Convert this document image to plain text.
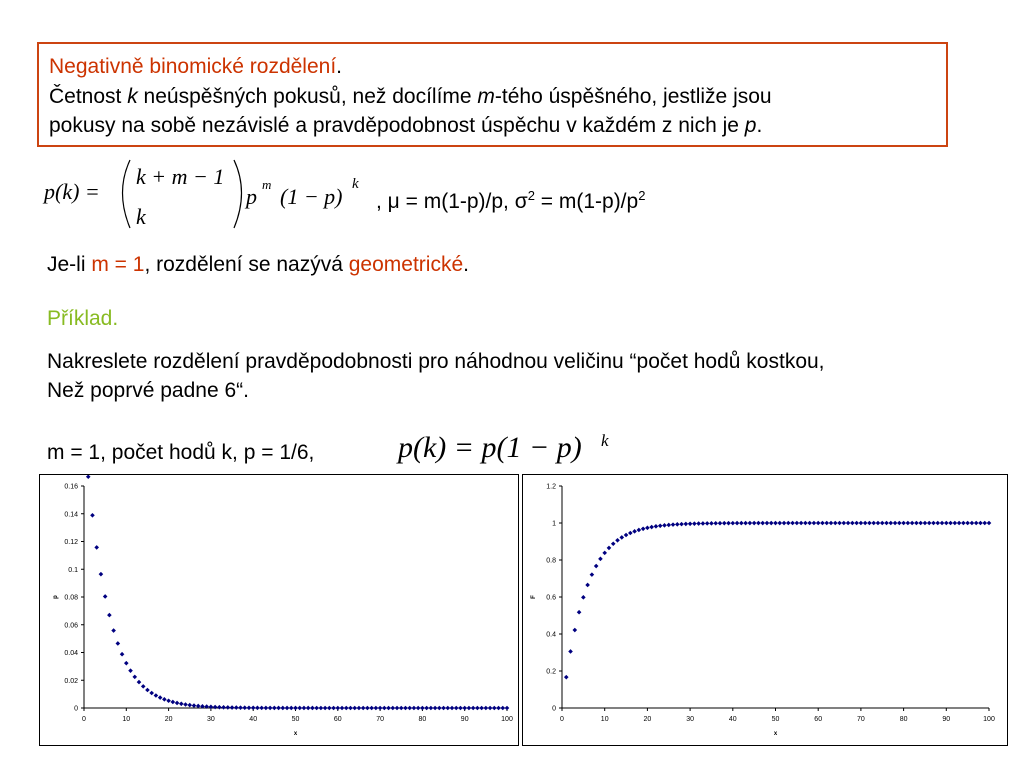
Negativně binomické rozdělení.
Četnost k neúspěšných pokusů, než docílíme m-tého úspěšného, jestliže jsou
pokusy na sobě nezávislé a pravděpodobnost úspěchu v každém z nich je p.
p(k) =
k + m − 1
k
p m (1 − p) k
, μ = m(1-p)/p, $\sigma^2 = m(1-p)/p^2$
Je-li m = 1, rozdělení se nazývá geometrické.
Příklad.
Nakreslete rozdělení pravděpodobnosti pro náhodnou veličinu “počet hodů kostkou,
Než poprvé padne 6“.
m = 1, počet hodů k, p = 1/6,	p(k) = p(1 − p) k
0
0.02
0.04
0.06
0.08
0.1
0.12
0.14
0.16
0	10	20	30	40	50	60	70	80	90	100
x
p
0
0.2
0.4
0.6
0.8
1
1.2
0	10	20	30	40	50	60	70	80	90	100
x
F
